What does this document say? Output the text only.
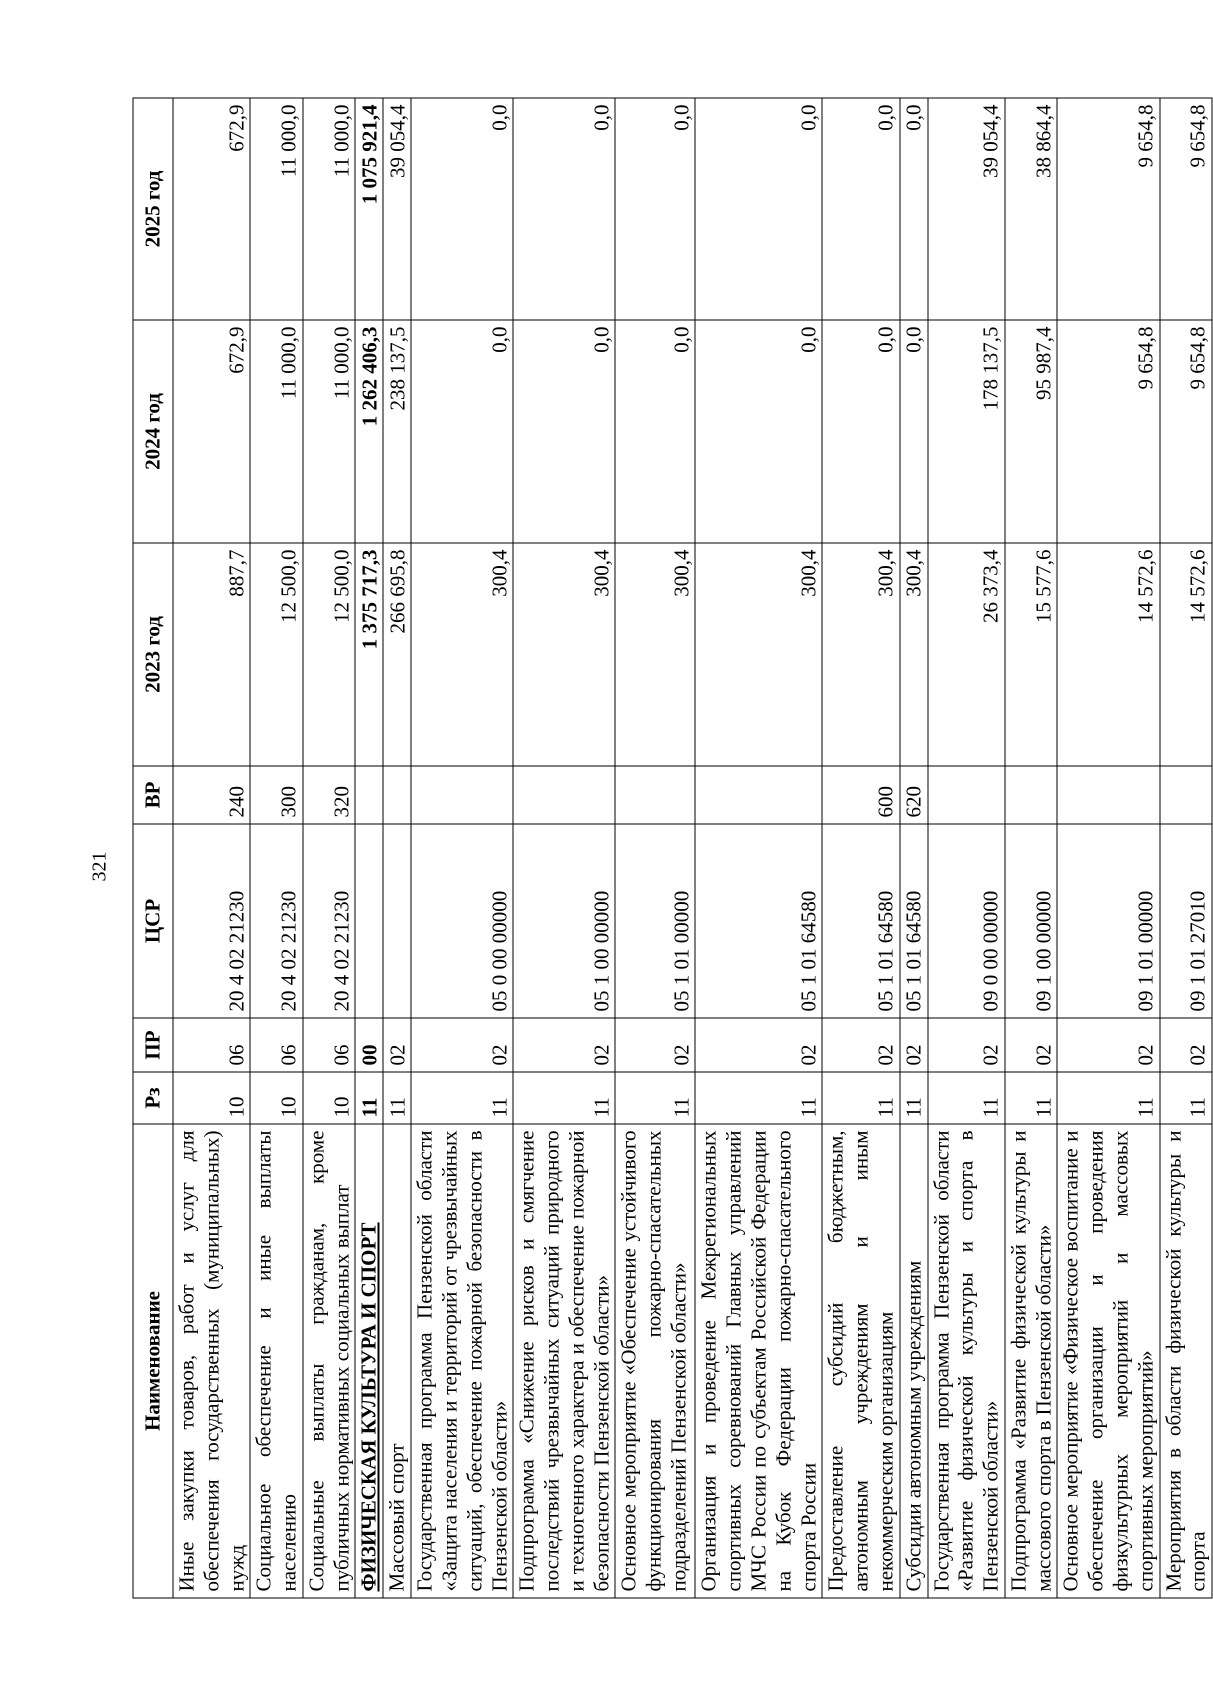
321
Наименование	Рз	ПР	ЦСР	ВР	2023 год	2024 год	2025 год
Иные закупки товаров, работ и услуг для обеспечения государственных (муниципальных) нужд	10	06	20 4 02 21230	240	887,7	672,9	672,9
Социальное обеспечение и иные выплаты населению	10	06	20 4 02 21230	300	12 500,0	11 000,0	11 000,0
Социальные выплаты гражданам, кроме публичных нормативных социальных выплат	10	06	20 4 02 21230	320	12 500,0	11 000,0	11 000,0
ФИЗИЧЕСКАЯ КУЛЬТУРА И СПОРТ	11	00			1 375 717,3	1 262 406,3	1 075 921,4
Массовый спорт	11	02			266 695,8	238 137,5	39 054,4
Государственная программа Пензенской области «Защита населения и территорий от чрезвычайных ситуаций, обеспечение пожарной безопасности в Пензенской области»	11	02	05 0 00 00000		300,4	0,0	0,0
Подпрограмма «Снижение рисков и смягчение последствий чрезвычайных ситуаций природного и техногенного характера и обеспечение пожарной безопасности Пензенской области»	11	02	05 1 00 00000		300,4	0,0	0,0
Основное мероприятие «Обеспечение устойчивого функционирования пожарно-спасательных подразделений Пензенской области»	11	02	05 1 01 00000		300,4	0,0	0,0
Организация и проведение Межрегиональных спортивных соревнований Главных управлений МЧС России по субъектам Российской Федерации на Кубок Федерации пожарно-спасательного спорта России	11	02	05 1 01 64580		300,4	0,0	0,0
Предоставление субсидий бюджетным, автономным учреждениям и иным некоммерческим организациям	11	02	05 1 01 64580	600	300,4	0,0	0,0
Субсидии автономным учреждениям	11	02	05 1 01 64580	620	300,4	0,0	0,0
Государственная программа Пензенской области «Развитие физической культуры и спорта в Пензенской области»	11	02	09 0 00 00000		26 373,4	178 137,5	39 054,4
Подпрограмма «Развитие физической культуры и массового спорта в Пензенской области»	11	02	09 1 00 00000		15 577,6	95 987,4	38 864,4
Основное мероприятие «Физическое воспитание и обеспечение организации и проведения физкультурных мероприятий и массовых спортивных мероприятий»	11	02	09 1 01 00000		14 572,6	9 654,8	9 654,8
Мероприятия в области физической культуры и спорта	11	02	09 1 01 27010		14 572,6	9 654,8	9 654,8
